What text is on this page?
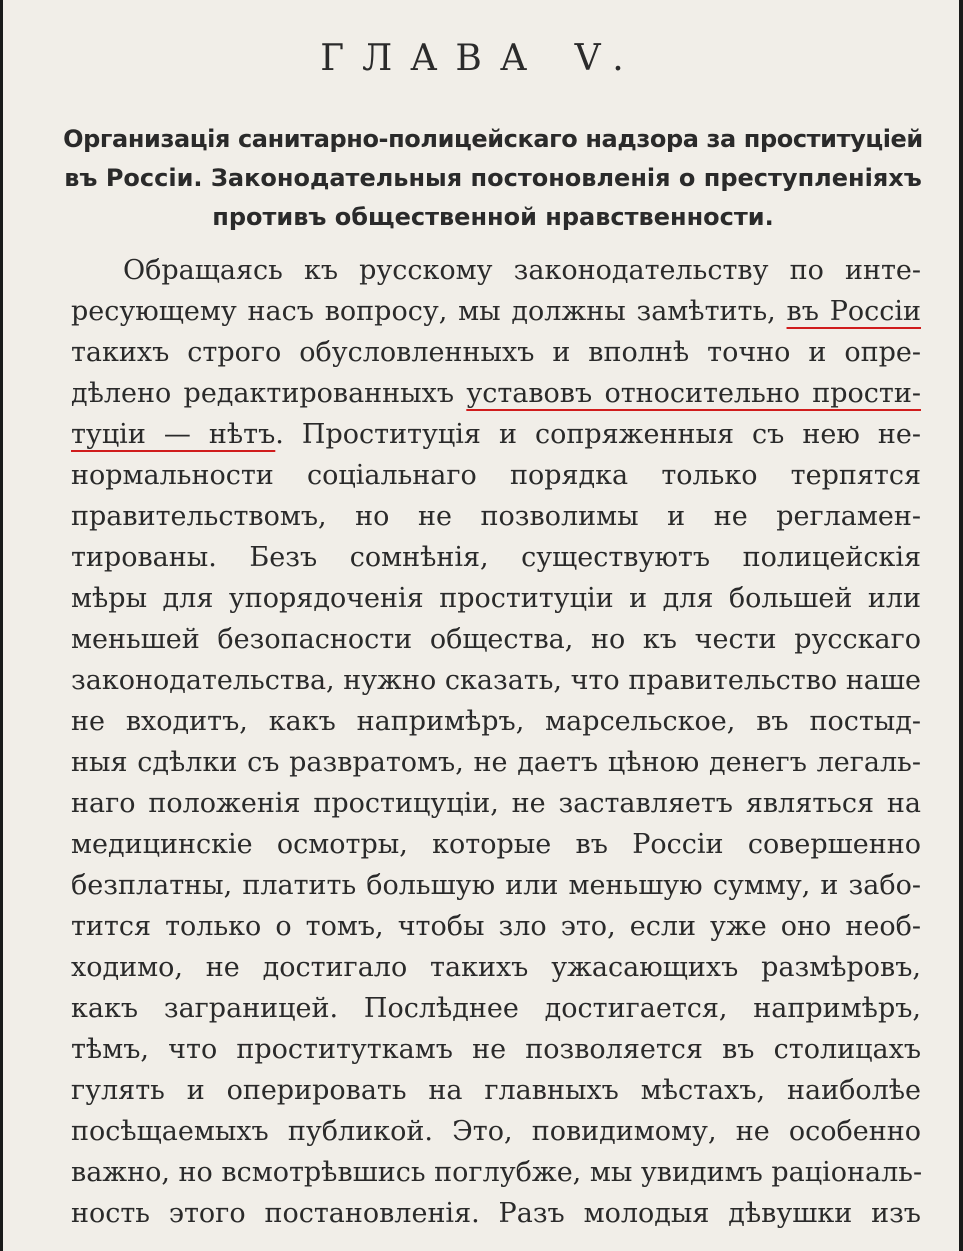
ГЛАВА V.
Организацiя санитарно-полицейскаго надзора за проституцiей
въ Россiи. Законодательныя постоновленiя о преступленiяхъ
противъ общественной нравственности.
Обращаясь къ русскому законодательству по инте-
ресующему насъ вопросу, мы должны замѣтить, въ Россiи
такихъ строго обусловленныхъ и вполнѣ точно и опре-
дѣлено редактированныхъ уставовъ относительно прости-
туцiи — нѣтъ. Проституцiя и сопряженныя съ нею не-
нормальности соцiальнаго порядка только терпятся
правительствомъ, но не позволимы и не регламен-
тированы. Безъ сомнѣнiя, существуютъ полицейскiя
мѣры для упорядоченiя проституцiи и для большей или
меньшей безопасности общества, но къ чести русскаго
законодательства, нужно сказать, что правительство наше
не входитъ, какъ напримѣръ, марсельское, въ постыд-
ныя сдѣлки съ развратомъ, не даетъ цѣною денегъ легаль-
наго положенiя простицуцiи, не заставляетъ являться на
медицинскiе осмотры, которые въ Россiи совершенно
безплатны, платить большую или меньшую сумму, и забо-
тится только о томъ, чтобы зло это, если уже оно необ-
ходимо, не достигало такихъ ужасающихъ размѣровъ,
какъ заграницей. Послѣднее достигается, напримѣръ,
тѣмъ, что проституткамъ не позволяется въ столицахъ
гулять и оперировать на главныхъ мѣстахъ, наиболѣе
посѣщаемыхъ публикой. Это, повидимому, не особенно
важно, но всмотрѣвшись поглубже, мы увидимъ рацiональ-
ность этого постановленiя. Разъ молодыя дѣвушки изъ
